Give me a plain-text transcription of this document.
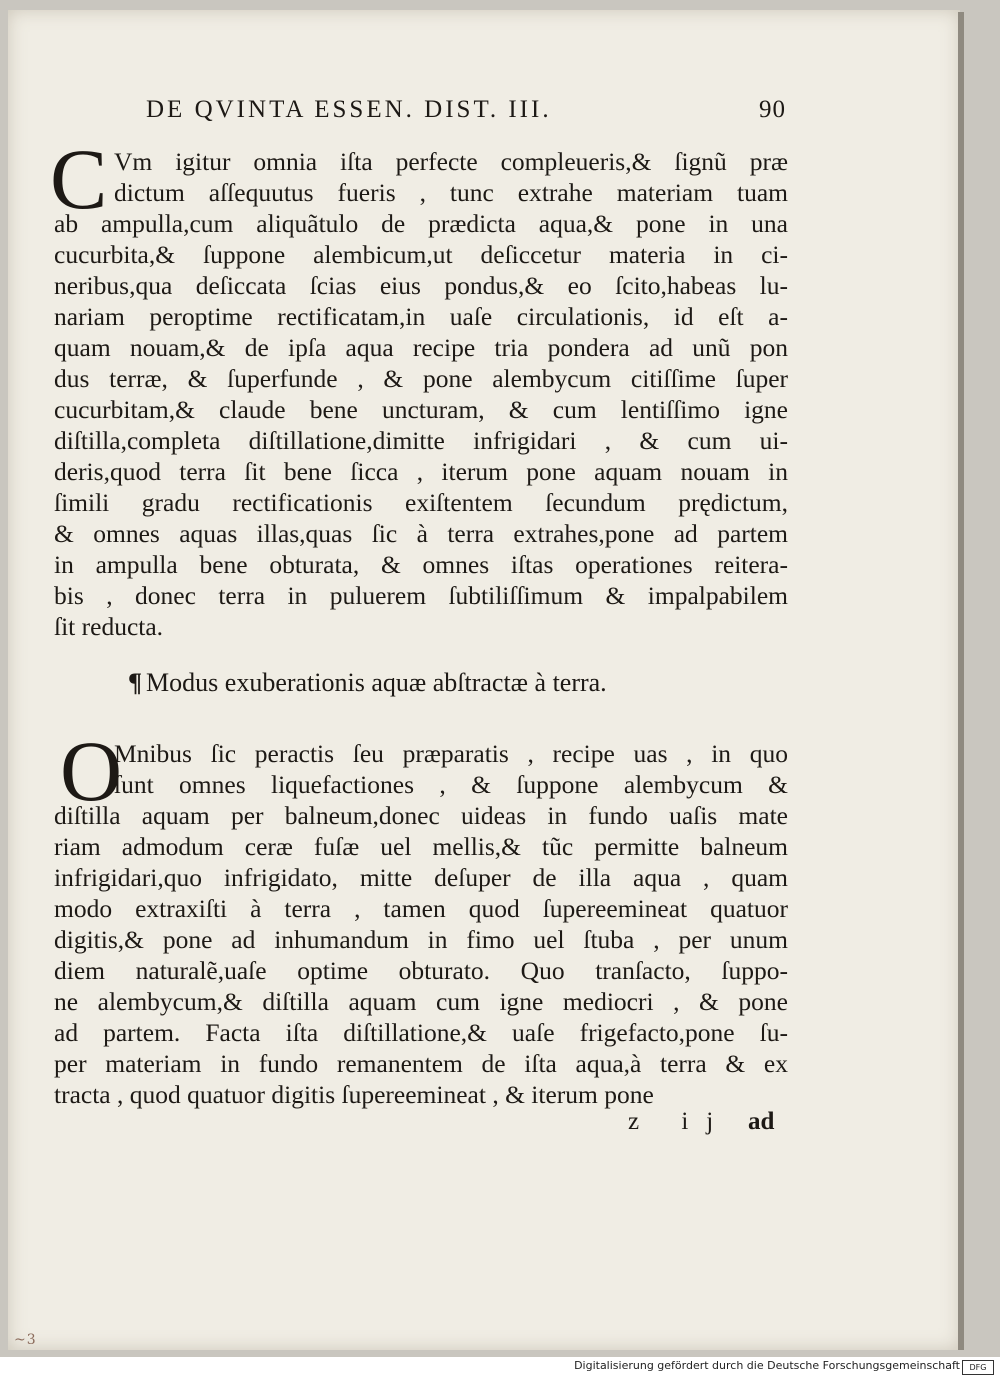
DE QVINTA ESSEN. DIST. III.	90
C Vm igitur omnia iſta perfecte compleueris,& ſignũ præ
dictum aſſequutus fueris , tunc extrahe materiam tuam
ab ampulla,cum aliquãtulo de prædicta aqua,& pone in una
cucurbita,& ſuppone alembicum,ut deſiccetur materia in ci-
neribus,qua deſiccata ſcias eius pondus,& eo ſcito,habeas lu-
nariam peroptime rectificatam,in uaſe circulationis, id eſt a-
quam nouam,& de ipſa aqua recipe tria pondera ad unũ pon
dus terræ, & ſuperfunde , & pone alembycum citiſſime ſuper
cucurbitam,& claude bene uncturam, & cum lentiſſimo igne
diſtilla,completa diſtillatione,dimitte infrigidari , & cum ui-
deris,quod terra ſit bene ſicca , iterum pone aquam nouam in
ſimili gradu rectificationis exiſtentem ſecundum prędictum,
& omnes aquas illas,quas ſic à terra extrahes,pone ad partem
in ampulla bene obturata, & omnes iſtas operationes reitera-
bis , donec terra in puluerem ſubtiliſſimum & impalpabilem
ſit reducta.
¶ Modus exuberationis aquæ abſtractæ à terra.
O
Mnibus ſic peractis ſeu præparatis , recipe uas , in quo
ſunt omnes liquefactiones , & ſuppone alembycum &
diſtilla aquam per balneum,donec uideas in fundo uaſis mate
riam admodum ceræ fuſæ uel mellis,& tũc permitte balneum
infrigidari,quo infrigidato, mitte deſuper de illa aqua , quam
modo extraxiſti à terra , tamen quod ſupereemineat quatuor
digitis,& pone ad inhumandum in fimo uel ſtuba , per unum
diem naturalẽ,uaſe optime obturato. Quo tranſacto, ſuppo-
ne alembycum,& diſtilla aquam cum igne mediocri , & pone
ad partem. Facta iſta diſtillatione,& uaſe frigefacto,pone ſu-
per materiam in fundo remanentem de iſta aqua,à terra & ex
tracta , quod quatuor digitis ſupereemineat , & iterum pone
z ij ad
~3
Digitalisierung gefördert durch die Deutsche Forschungsgemeinschaft	DFG
